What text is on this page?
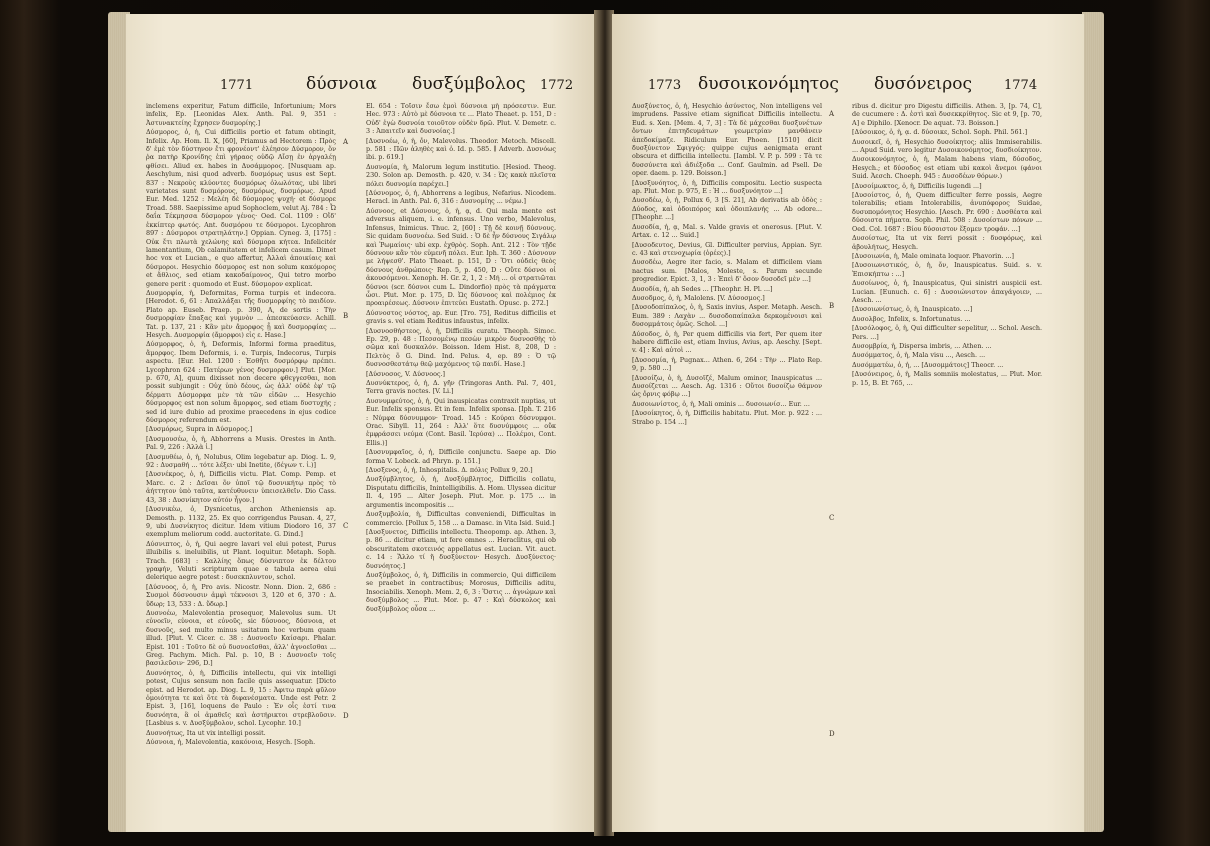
1771	δύσνοια δυσξύμβολος 1772

inclemens experitur, Fatum difficile, Infortunium; Mors infelix, Ep. [Leonidas Alex. Anth. Pal. 9, 351 : Ἀστυνακτείης ἔχρησεν δυσμορίης.]

Δύσμορος, ὁ, ἡ, Cui difficilis portio et fatum obtingit, Infelix. Ap. Hom. Il. X, [60], Priamus ad Hectorem : Πρὸς δ' ἐμὲ τὸν δύστηνον ἔτι φρονέοντ' ἐλέησον Δύσμορον, ὅν ῥα πατὴρ Κρονίδης ἐπὶ γήραος οὐδῷ Αἴσῃ ἐν ἀργαλέῃ φθίσει. Aliud ex. habes in Δυσάμμορος. [Nusquam ap. Aeschylum, nisi quod adverb. δυσμόρως usus est Sept. 837 : Νεκροὺς κλύοντες δυσμόρως ὀλωλότας, ubi libri varietates sunt δυσμόρους, δυσμόρως, δυσμόρως. Apud Eur. Med. 1252 : Μελέη δὲ δύσμορος ψυχή· et δύσμορε Troad. 588. Saepissime apud Sophoclem, velut Aj. 784 : Ὦ δαΐα Τέκμησσα δύσμορον γένος· Oed. Col. 1109 : Οἴδ' ἐκκίπτερ φωτός. Ant. δυσμόρου τε δύσμοροι. Lycophron 897 : Δύσμοροι στρατηλάτην.] Oppian. Cyneg. 3, [175] : Οὐκ ἔτι πλωτὰ χελώνης καὶ δύσμορα κήτεα. Infelicitér lamentantium, Ob calamitatem et infelicem casum. Dimet hoc vox et Lucian., e quo affertur, Ἀλλαὶ ἀποικίαις καὶ δύσμοροι. Hesychio δύσμορος est non solum κακόμορος et ἄθλιος, sed etiam κακοδαίμονος, Qui tetro morbo genere perit : quomodo et Eust. δύσμορον explicat.

Δυσμορφία, ἡ, Deformitas, Forma turpis et indecora. [Herodot. 6, 61 : Ἀπαλλάξαι τῆς δυσμορφίης τὸ παιδίον. Plato ap. Euseb. Praep. p. 390, A, de sortis : Τὴν δυσμορφίαν ἔπαξας καὶ γυμνὸν ... ἀπεσκεύασεν. Achill. Tat. p. 137, 21 : Κἂν μὲν ἄμορφος ᾖ καὶ δυσμορφίας ... Hesych. Δυσμορφία (ἄμορφοι) εἰς ε. Hase.]

Δύσμορφος, ὁ, ἡ, Deformis, Informi forma praeditus, ἄμορφος. Ibem Deformis, i. e. Turpis, Indecorus, Turpis aspectu. [Eur. Hel. 1200 : Ἐσθῆτι δυσμόρφῳ πρέπει. Lycophron 624 : Πατέρων γένος δυσμορφον.] Plut. [Mor. p. 670, A], quum dixisset non decere φθεγγεσθαι, non possit subjungit : Οὐχ ὑπὸ δέους, ὡς ἀλλ' οὐδὲ ἐφ' τῷ δέρματι Δύσμορφα μὲν τὰ τῶν εἰδῶν ... Hesychio δύσμορφος est non solum ἄμορφος, sed etiam δυστυχής ; sed id iure dubio ad proxime praecedens in ejus codice δύσμορος referendum est.

[Δυσμόρως, Supra in Δύσμορος.]

[Δυσμουσέω, ὁ, ἡ, Abhorrens a Musis. Orestes in Anth. Pal. 9, 226 : Ἀλλὰ ἰ.]

[Δυσμυθέω, ὁ, ἡ, Nolubus, Olim legebatur ap. Diog. L. 9, 92 : Δυσμαθή ... τότε λέξει· ubi Inetite, (δέγων τ. ἰ.)]

[Δυσνέκρος, ὁ, ἡ, Difficilis victu. Plat. Comp. Pemp. et Marc. c. 2 : Δεῖσαι ὅν ὑποῖ τῷ δυσνικήτῳ πρὸς τὸ ἀήττητον ὑπὸ ταῦτα, κατέυθυνειν ὑπεισελθεῖν. Dio Cass. 43, 38 : Δυσνίκητον αὐτόν ἦγον.]

[Δυσνικέω, ὁ, Dysnicetus, archon Atheniensis ap. Demosth. p. 1132, 25. Ex quo corrigendus Pausan. 4, 27, 9, ubi Δυσνίκητος dicitur. Idem vitium Diodoro 16, 37 exemplum meliorum codd. auctoritate. G. Dind.]

Δύσνιπτος, ὁ, ἡ, Qui aegre lavari vel elui potest, Purus illuibilis s. ineluibilis, ut Plant. loquitur. Metaph. Soph. Trach. [683] : Καλλίης ὅπως δύσνιπτον ἐκ δέλτου γραφήν, Veluti scripturam quae e tabula aerea elui delerique aegre potest : δυσεκπλυντον, schol.

[Δύσνοος, ὁ, ἡ, Pro avis. Nicostr. Nonn. Dion. 2, 686 : Συσμοὶ δύσνουσιν ἀμφὶ τέκνοισι 3, 120 et 6, 370 : Δ. ὕδωρ; 13, 533 : Δ. ὕδωρ.]

Δυσνοέω, Malevolentia prosequor, Malevolus sum. Ut εὐνοεῖν, εὐνοια, et εὐνοῦς, sic δύσνοος, δύσνοια, et δυσνοῦς, sed multo minus usitatum hoc verbum quam illud. [Plut. V. Cicer. c. 38 : Δυσνοεῖν Καίσαρι. Phalar. Epist. 101 : Τοῦτο δὲ οὐ δυσνοεῖσθαι, ἀλλ' ἀγνοεῖσθαι ... Greg. Pachym. Mich. Pal. p. 10, B : Δυσνοεῖν τοῖς βασιλεῦσιν· 296, D.]

Δυσνόητος, ὁ, ἡ, Difficilis intellectu, qui vix intelligi potest, Cujus sensum non facile quis assequatur. [Dicto epist. ad Herodot. ap. Diog. L. 9, 15 : Ἀφιτω παρὰ φῦλον ὁμοιότητα τε καὶ ὅτε τὰ διφανέσματα. Unde est Petr. 2 Epist. 3, [16], loquens de Paulo : Ἐν οἷς ἐστί τινα δυσνόητα, ἃ οἱ ἀμαθεῖς καὶ ἀστήρικτοι στρεβλοῦσιν. [Lasbius s. v. Δυσξύμβολον, schol. Lycophr. 10.]

Δυσνοήτως, Ita ut vix intelligi possit.

Δύσνοια, ἡ, Malevolentia, κακόνοια, Hesych. [Soph.

A
B
C
D

El. 654 : Τοῖσιν ἔσω ἐμοὶ δύσνοια μὴ πρόσεστιν. Eur. Hec. 973 : Αὐτὸ μὲ δύσνοια τε ... Plato Theaet. p. 151, D : Οὐδ' ἐγὼ δυσνοία τοιοῦτον οὐδὲν δρῶ. Plut. V. Demetr. c. 3 : Ἀπαιτεῖν καὶ δυσνοίας.]

[Δυσνοέω, ὁ, ἡ, ὄν, Malevolus. Theodor. Metoch. Miscell. p. 581 : Πῶν ἀληθὲς καὶ ὁ. Id. p. 585. ∥ Adverb. Δυσνόως ibi. p. 619.]

Δυσνομία, ἡ, Malorum legum institutio. [Hesiod. Theog. 230. Solon ap. Demosth. p. 420, v. 34 : Ὡς κακὰ πλεῖστα πόλει δυσνομία παρέχει.]

[Δύσνομος, ὁ, ἡ, Abhorrens a legibus, Nefarius. Nicodem. Heracl. in Anth. Pal. 6, 316 : Δυσνομίης ... νέμω.]

Δύσνοος, et Δύσνους, ὁ, ἡ, ᾳ, d. Qui mala mente est adversus aliquem, i. e. infensus. Uno verbo, Malevolus, Infensus, Inimicus. Thuc. 2, [60] : Τῇ δὲ κοινῇ δύσνους. Sic quidam δυσνοέω. Sed Suid. : Ὁ δὲ ἦν δύσνους Σιγάλῳ καὶ Ῥωμαίοις· ubi exp. ἐχθρὸς. Soph. Ant. 212 : Τὸν τῇδε δύσνουν κἂν τὸν εὐμενῆ πόλει. Eur. Iph. T. 360 : Δύσνουν με λήψεσθ'. Plato Theaet. p. 151, D : Ὅτι οὐδεὶς θεὸς δύσνους ἀνθρώποις· Rep. 5, p. 450, D : Οὔτε δύσνοι οἱ ἀκουσόμενοι. Xenoph. H. Gr. 2, 1, 2 : Μή ... οἱ στρατιῶται δύσνοι (scr. δύσνοι cum L. Dindorfio) πρὸς τὰ πράγματα ὦσι. Plut. Mor. p. 175, D. Ὡς δύσνοος καὶ πολέμιος ἐκ προαιρέσεως. Δύσνοιν ἐπιτεύει Eustath. Opusc. p. 272.]

Δύσνοστος νόστος, ap. Eur. [Tro. 75], Reditus difficilis et gravis s. vel etiam Reditus infaustus, infelix.

[Δυσνοσθήστεος, ὁ, ἡ, Difficilis curatu. Theoph. Simoc. Ep. 29, p. 48 : Πεσσομένῳ πεσὼν μικρὸν δυσνοσθὴς τὸ σῶμα καὶ δυσκαλόν. Boisson. Idem Hist. 8, 208, D : Πελτὸς ὅ G. Dind. Ind. Pelus. 4, ep. 89 : Ὁ τῷ δυσνοσθεστάτῳ θεῷ μαχόμενος τῷ παιδί. Hase.]

[Δύσνοσος, V. Δύσνοος.]

Δυσνύκτερος, ὁ, ἡ, Δ. γῆν (Tringoras Anth. Pal. 7, 401, Terra gravis noctes. [V. Li.]

Δυσνυμφεύτος, ὁ, ἡ, Qui inauspicatas contraxit nuptias, ut Eur. Infelix sponsus. Et in fem. Infelix sponsa. [Iph. T. 216 : Νύμφα δύσνυμφον· Troad. 145 : Κούραι δύσνυμφοι. Orac. Sibyll. 11, 264 : Ἀλλ' ὅτε δυσνύμφοις ... οὔκ ἐμφράσσει νεύμα (Cont. Basil. Ἰερύσα) ... Πολέμοι, Cont. Ellis.)]

[Δυσνυμφαῖος, ὁ, ἡ, Difficile conjunctu. Saepe ap. Dio forma V. Lobeck. ad Phryn. p. 151.]

[Δυσξενος, ὁ, ἡ, Inhospitalis. Δ. πόλις Pollux 9, 20.]

Δυσξύμβλητος, ὁ, ἡ, Δυσξύμβλητος, Difficilis collatu, Disputatu difficilis, Inintelligibilis. Δ. Hom. Ulyssea dicitur Il. 4, 195 ... Alter Joseph. Plut. Mor. p. 175 ... in argumentis incompositis ...

Δυσξυμβολία, ἡ, Difficultas conveniendi, Difficultas in commercio. [Pollux 5, 158 ... a Damasc. in Vita Isid. Suid.]

[Δυσξυνετος, Difficilis intellectu. Theopomp. ap. Athen. 3, p. 86 ... dicitur etiam, ut fere omnes ... Heraclitus, qui ob obscuritatem σκοτεινός appellatus est. Lucian. Vit. auct. c. 14 : Ἄλλο τί ἢ δυσξύνετον· Hesych. Δυσξύνετος· δυσνόητος.]

Δυσξύμβολος, ὁ, ἡ, Difficilis in commercio, Qui difficilem se praebet in contractibus; Morosus, Difficilis aditu, Insociabilis. Xenoph. Mem. 2, 6, 3 : Ὅστις ... ἀγνώμων καὶ δυσξύμβολος ... Plut. Mor. p. 47 : Καὶ δύσκολος καὶ δυσξύμβολος οὖσα ...

1773 δυσοικονόμητος δυσόνειρος 1774

Δυσξύνετος, ὁ, ἡ, Hesychio ἀσύνετος, Non intelligens vel imprudens. Passive etiam significat Difficilis intellectu. Eud. s. Xen. [Mem. 4, 7, 3] : Τὰ δὲ μάχεσθαι δυσξυνέτων ὄντων ἐπιτηδευμάτων γεωμετρίαν μανθάνειν ἀπεδοκίμαζε. Ridiculum Eur. Phoen. [1510] dicit δυσξύνετον Σφιγγός: quippe cujus aenigmata erant obscura et difficilia intellectu. [Iambl. V. P. p. 599 : Τὰ τε δυσσύνετα καὶ ἀδιέξοδα ... Conf. Gaulmin. ad Psell. De oper. daem. p. 129. Boisson.]

[Δυσξυνόητος, ὁ, ἡ, Difficilis compositu. Lectio suspecta ap. Plut. Mor. p. 975, E : Ἡ ... δυσξυνόητον ...]

Δυσοδέω, ὁ, ἡ, Pollux 6, 3 [S. 21], Ab derivatis ab ὁδὸς : Δύοδος, καὶ ὁδοιπόρος καὶ ὁδοιπλανής ... Ab odore... [Theophr. ...]

Δυσοδία, ἡ, ᾳ, Mal. s. Valde gravis et onerosus. [Plut. V. Artax. c. 12 ... Suid.]

[Δυσοδευτος, Devius, Gl. Difficulter pervius, Appian. Syr. c. 43 καὶ στενοχωρία (ὁρέες).]

Δυσοδέω, Aegre iter facio, s. Malam et difficilem viam nactus sum. [Malos, Moleste, s. Parum secunde progredior. Epict. 3, 1, 3 : Ἐπεὶ δ' ὅσον δυσοδεῖ μὲν ...]

Δυσοδία, ἡ, ah Sedes ... [Theophr. H. Pl. ...]

Δυσοδμος, ὁ, ἡ, Malolens. [V. Δύσοσμος.]

[Δυσοδοπίπαλος, ὁ, ἡ, Saxis invius, Asper. Metaph. Aesch. Eum. 389 : Λαχὰν ... δυσοδοπαίπαλα δερκομένοισι καὶ δυσομμάτοις ὁμῶς. Schol. ...]

Δύσοδος, ὁ, ἡ, Per quem difficilis via fert, Per quem iter habere difficile est, etiam Invius, Avius, ap. Aeschy. [Sept. v. 4] : Καὶ αὐτοὶ ...

[Δυσοσμία, ἡ, Pugnax... Athen. 6, 264 : Τὴν ... Plato Rep. 9, p. 580 ...]

[Δυσοίζω, ὁ, ἡ, Δυσοϊζέ, Malum ominor, Inauspicatus ... Δυσοίζεται ... Aesch. Ag. 1316 : Οὔτοι δυσοίζω θάμνον ὡς ὄρνις φόβῳ ...]

Δυσοιωνίστος, ὁ, ἡ, Mali ominis ... δυσοιωνίσ... Eur. ...

[Δυσοίκητος, ὁ, ἡ, Difficilis habitatu. Plut. Mor. p. 922 : ... Strabo p. 154 ...]

A
B
C
D

ribus d. dicitur pro Digestu difficilis. Athen. 3, [p. 74, C], de cucumere : Δ. ἐστὶ καὶ δυσεκκρίθητος. Sic et 9, [p. 70, A] e Diphilo. [Xenocr. De aquat. 73. Boisson.]

[Δύσοικος, ὁ, ἡ, ᾳ. d. δύσοικε, Schol. Soph. Phil. 561.]

Δυσοικεῖ, ὁ, ἡ, Hesychio δυσοίκητος; aliis Immiserabilis. ... Apud Suid. vero legitur Δυσοικονόμητος, δυσδιοίκητον.

Δυσοικονόμητος, ὁ, ἡ, Malam habens viam, δύσοδος, Hesych.; et δύσοδος est etiam ubi κακοὶ ἄνεμοι (φάνοι Suid. Ἀεσch. Choeph. 945 : Δυσοδέων θόρων.)

[Δυσοίμωκτος, ὁ, ἡ, Difficilis lugendi ...]

[Δυσοίστος, ὁ, ἡ, Quem difficulter ferre possis, Aegre tolerabilis; etiam Intolerabilis, ἀνυπόφορος Suidae, δυσυπομόνητος Hesychio. [Aesch. Pr. 690 : Δυσθέατα καὶ δύσοιστα πήματα. Soph. Phil. 508 : Δυσοίστων πόνων ... Oed. Col. 1687 : Βίου δύσοιστον ἕξομεν τροφάν. ...]

Δυσοίστως, Ita ut vix ferri possit : δυσφόρως, καὶ ἀβουλήτως, Hesych.

[Δυσοιωνία, ἡ, Male ominata loquor. Phavorin. ...]

[Δυσοιωνιστικός, ὁ, ἡ, ὄν, Inauspicatus. Suid. s. v. Ἐπισκήπτω : ...]

Δυσοίωνος, ὁ, ἡ, Inauspicatus, Qui sinistri auspicii est. Lucian. [Eunuch. c. 6] : Δυσοιώνιστον ἀπαγάγοιεν, ... Aesch. ...

[Δυσοιωνίστως, ὁ, ἡ, Inauspicato. ...]

Δυσολβος, Infelix, s. Infortunatus. ...

[Δυσόλοφος, ὁ, ἡ, Qui difficulter sepelitur, ... Schol. Aesch. Pers. ...]

Δυσομβρία, ἡ, Dispersa imbris, ... Athen. ...

Δυσόμματος, ὁ, ἡ, Mala visu ..., Aesch. ...

Δυσόμματέω, ὁ, ἡ, ... [Δυσομμάτοις] Theocr. ...

[Δυσόνειρος, ὁ, ἡ, Malis somniis molestatus, ... Plut. Mor. p. 15, B. Et 765, ...
